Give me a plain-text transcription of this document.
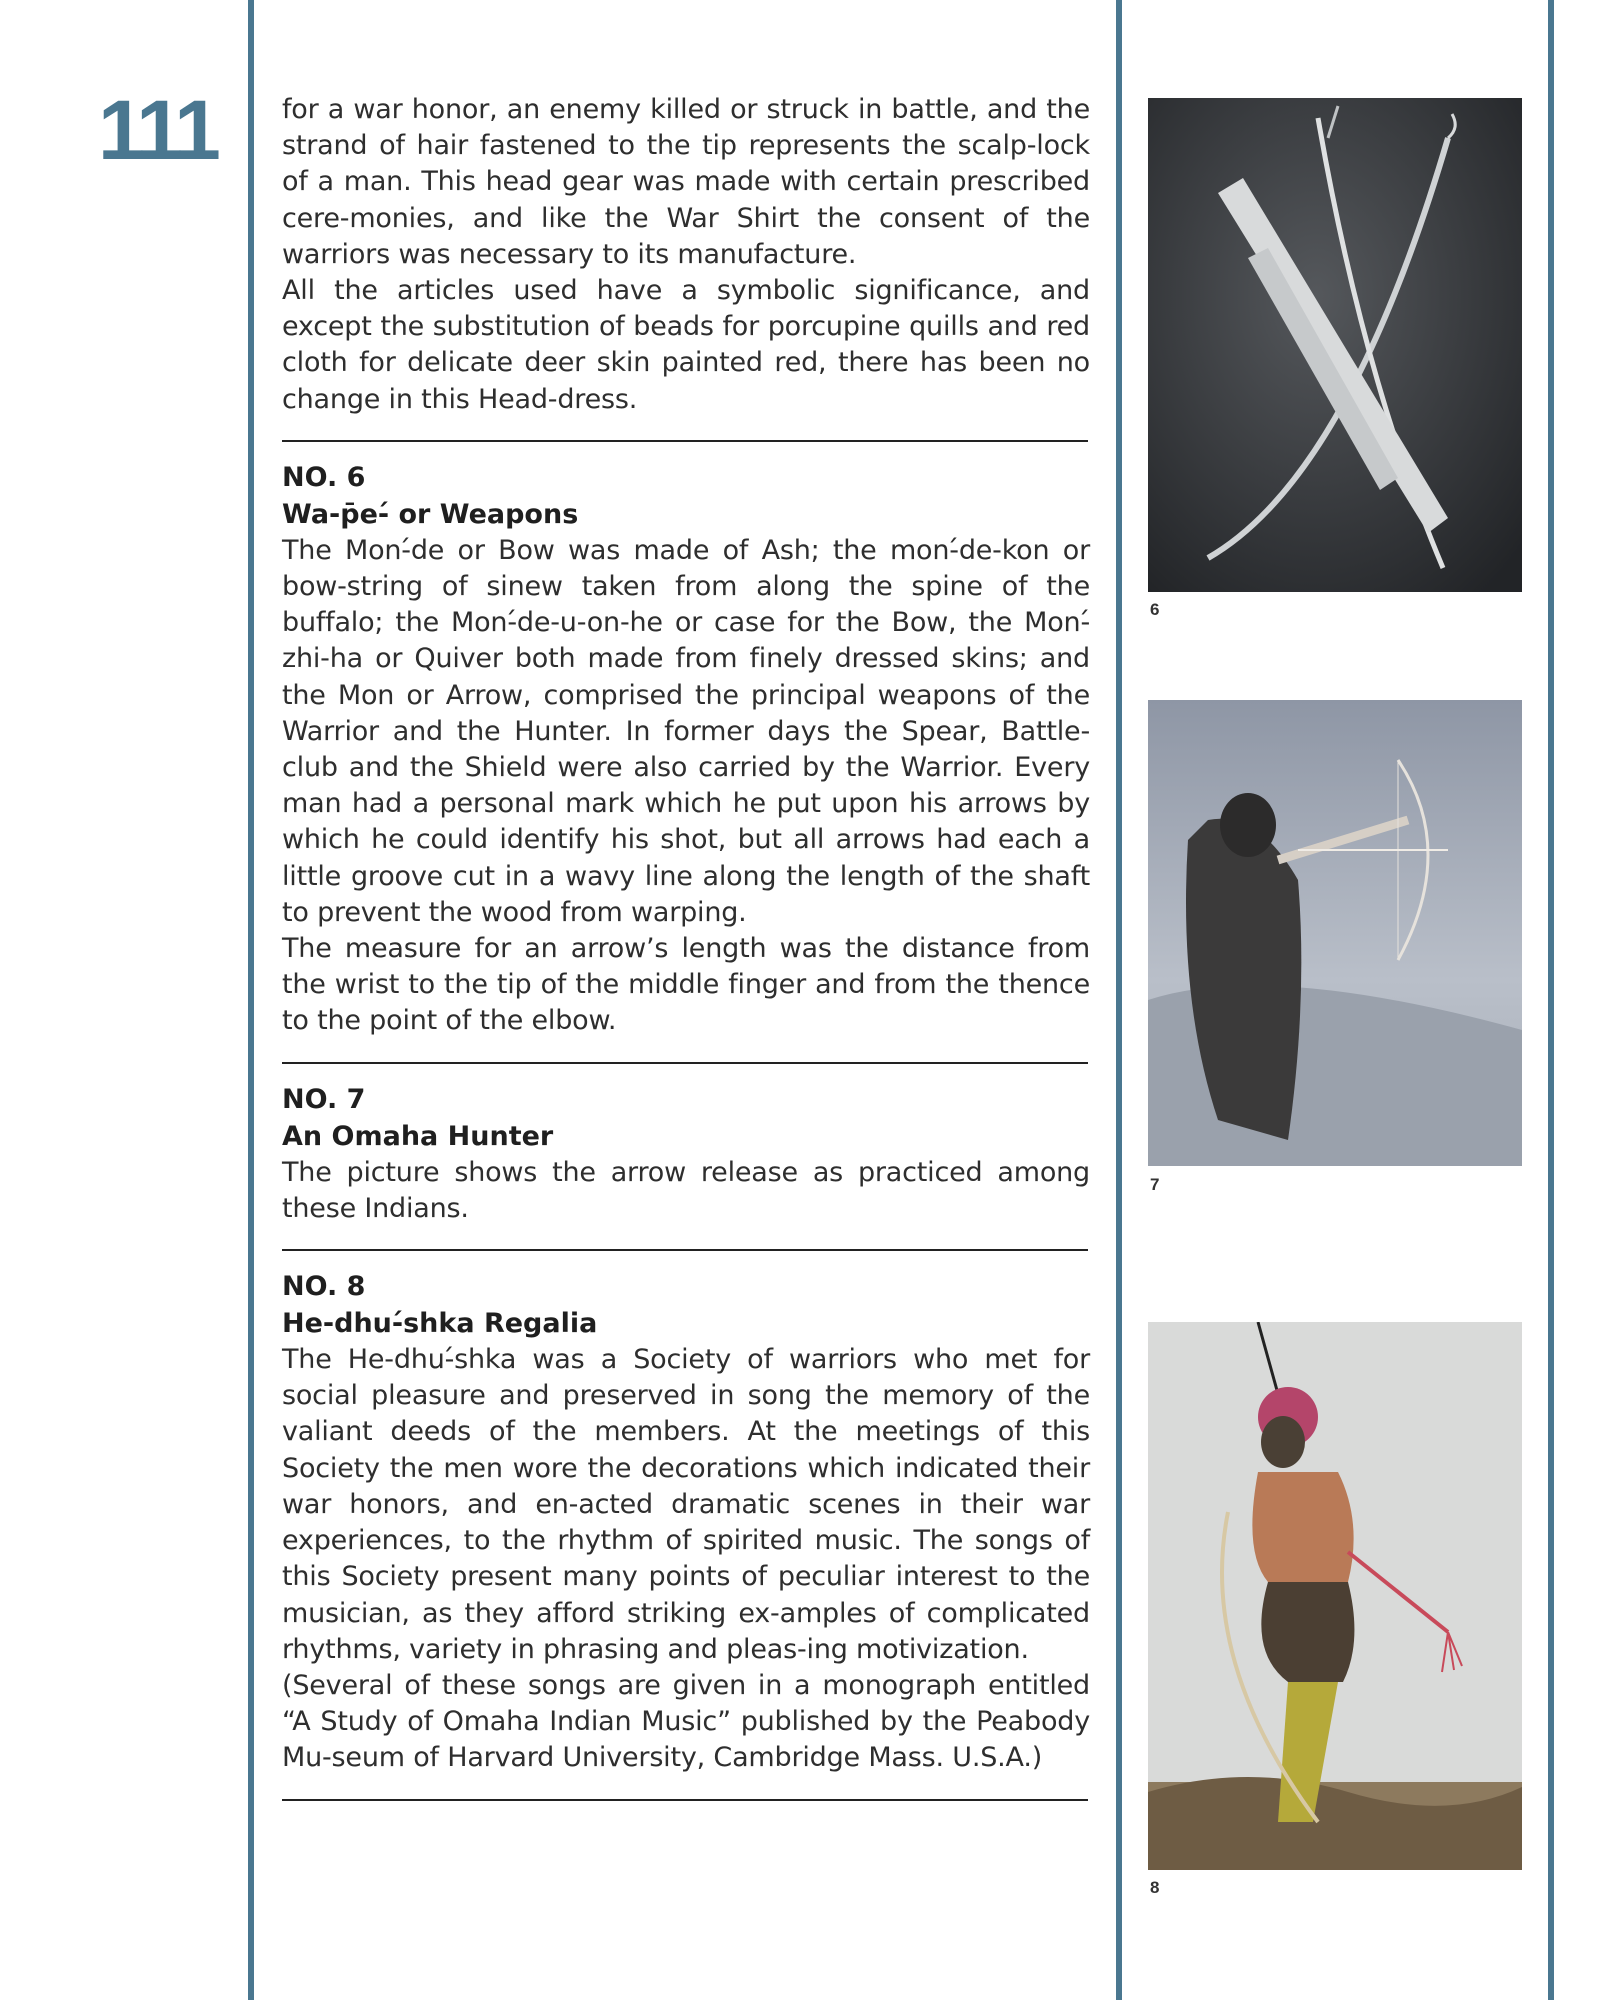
111 for a war honor, an enemy killed or struck in battle, and the strand of hair fastened to the tip represents the scalp-lock of a man. This head gear was made with certain prescribed cere-monies, and like the War Shirt the consent of the warriors was necessary to its manufacture.

All the articles used have a symbolic significance, and except the substitution of beads for porcupine quills and red cloth for delicate deer skin painted red, there has been no change in this Head-dress.

NO. 6

Wa-p̄e-́ or Weapons

The Mon-́de or Bow was made of Ash; the mon-́de-kon or bow-string of sinew taken from along the spine of the buffalo; the Mon-́de-u-on-he or case for the Bow, the Mon-́zhi-ha or Quiver both made from finely dressed skins; and the Mon or Arrow, comprised the principal weapons of the Warrior and the Hunter. In former days the Spear, Battle-club and the Shield were also carried by the Warrior. Every man had a personal mark which he put upon his arrows by which he could identify his shot, but all arrows had each a little groove cut in a wavy line along the length of the shaft to prevent the wood from warping.

The measure for an arrow’s length was the distance from the wrist to the tip of the middle finger and from the thence to the point of the elbow.

NO. 7

An Omaha Hunter

The picture shows the arrow release as practiced among these Indians.

NO. 8

He-dhu-́shka Regalia

The He-dhu-́shka was a Society of warriors who met for social pleasure and preserved in song the memory of the valiant deeds of the members. At the meetings of this Society the men wore the decorations which indicated their war honors, and en-acted dramatic scenes in their war experiences, to the rhythm of spirited music. The songs of this Society present many points of peculiar interest to the musician, as they afford striking ex-amples of complicated rhythms, variety in phrasing and pleas-ing motivization.

(Several of these songs are given in a monograph entitled “A Study of Omaha Indian Music” published by the Peabody Mu-seum of Harvard University, Cambridge Mass. U.S.A.)

6
7
8
